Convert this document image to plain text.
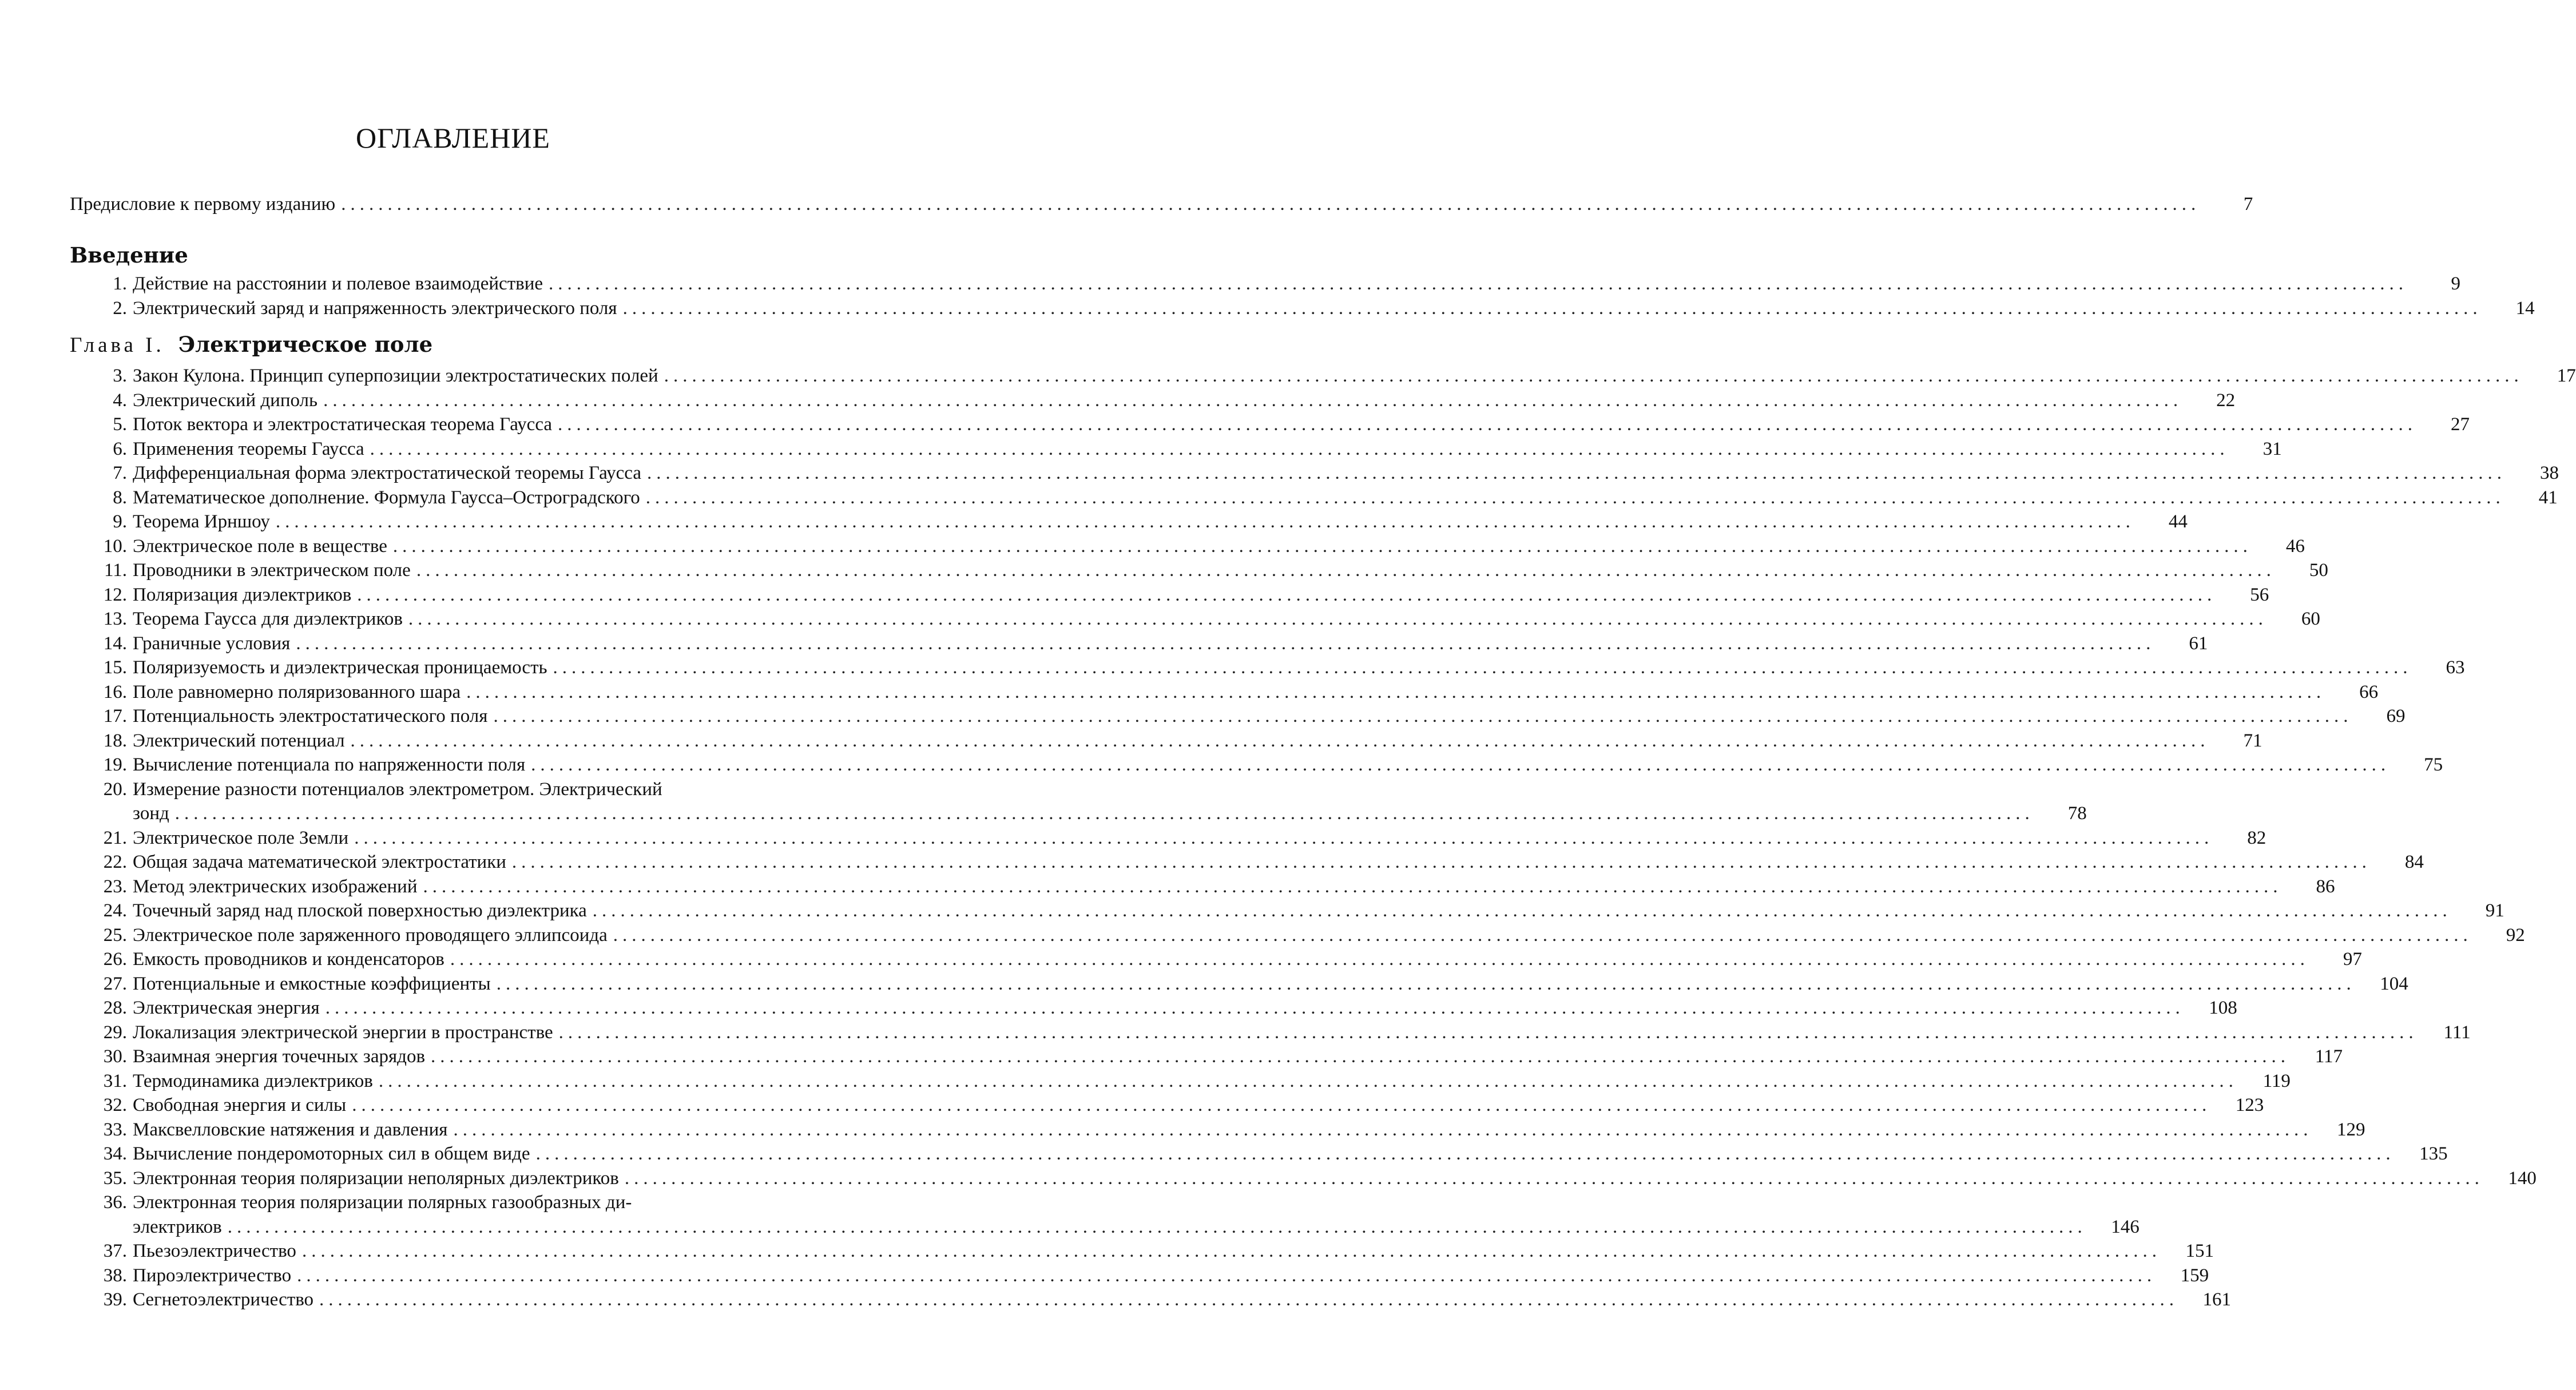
ОГЛАВЛЕНИЕ
Предисловие к первому изданию ........................................................................................................................................................................................................	7
Введение
Глава I. Электрическое поле
1. Действие на расстоянии и полевое взаимодействие ........................................................................................................................................................................................................	9
2. Электрический заряд и напряженность электрического поля ........................................................................................................................................................................................................	14
3. Закон Кулона. Принцип суперпозиции электростатических полей ........................................................................................................................................................................................................	17
4. Электрический диполь ........................................................................................................................................................................................................	22
5. Поток вектора и электростатическая теорема Гаусса ........................................................................................................................................................................................................	27
6. Применения теоремы Гаусса ........................................................................................................................................................................................................	31
7. Дифференциальная форма электростатической теоремы Гаусса ........................................................................................................................................................................................................	38
8. Математическое дополнение. Формула Гаусса–Остроградского ........................................................................................................................................................................................................	41
9. Теорема Ирншоу ........................................................................................................................................................................................................	44
10. Электрическое поле в веществе ........................................................................................................................................................................................................	46
11. Проводники в электрическом поле ........................................................................................................................................................................................................	50
12. Поляризация диэлектриков ........................................................................................................................................................................................................	56
13. Теорема Гаусса для диэлектриков ........................................................................................................................................................................................................	60
14. Граничные условия ........................................................................................................................................................................................................	61
15. Поляризуемость и диэлектрическая проницаемость ........................................................................................................................................................................................................	63
16. Поле равномерно поляризованного шара ........................................................................................................................................................................................................	66
17. Потенциальность электростатического поля ........................................................................................................................................................................................................	69
18. Электрический потенциал ........................................................................................................................................................................................................	71
19. Вычисление потенциала по напряженности поля ........................................................................................................................................................................................................	75
20. Измерение разности потенциалов электрометром. Электрический
зонд ........................................................................................................................................................................................................	78
21. Электрическое поле Земли ........................................................................................................................................................................................................	82
22. Общая задача математической электростатики ........................................................................................................................................................................................................	84
23. Метод электрических изображений ........................................................................................................................................................................................................	86
24. Точечный заряд над плоской поверхностью диэлектрика ........................................................................................................................................................................................................	91
25. Электрическое поле заряженного проводящего эллипсоида ........................................................................................................................................................................................................	92
26. Емкость проводников и конденсаторов ........................................................................................................................................................................................................	97
27. Потенциальные и емкостные коэффициенты ........................................................................................................................................................................................................	104
28. Электрическая энергия ........................................................................................................................................................................................................	108
29. Локализация электрической энергии в пространстве ........................................................................................................................................................................................................	111
30. Взаимная энергия точечных зарядов ........................................................................................................................................................................................................	117
31. Термодинамика диэлектриков ........................................................................................................................................................................................................	119
32. Свободная энергия и силы ........................................................................................................................................................................................................	123
33. Максвелловские натяжения и давления ........................................................................................................................................................................................................	129
34. Вычисление пондеромоторных сил в общем виде ........................................................................................................................................................................................................	135
35. Электронная теория поляризации неполярных диэлектриков ........................................................................................................................................................................................................	140
36. Электронная теория поляризации полярных газообразных ди-
электриков ........................................................................................................................................................................................................	146
37. Пьезоэлектричество ........................................................................................................................................................................................................	151
38. Пироэлектричество ........................................................................................................................................................................................................	159
39. Сегнетоэлектричество ........................................................................................................................................................................................................	161
